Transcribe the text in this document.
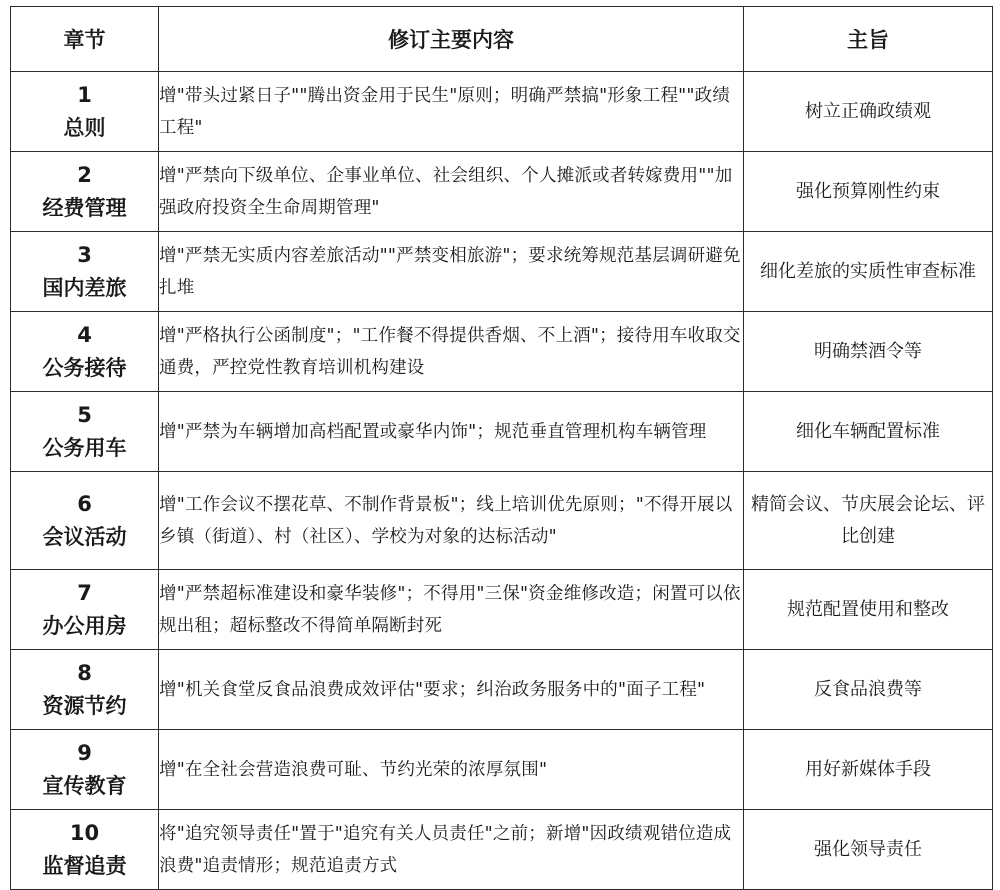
章节	修订主要内容	主旨

1
总则	增"带头过紧日子""腾出资金用于民生"原则；明确严禁搞"形象工程""政绩工程"	树立正确政绩观

2
经费管理	增"严禁向下级单位、企事业单位、社会组织、个人摊派或者转嫁费用""加强政府投资全生命周期管理"	强化预算刚性约束

3
国内差旅	增"严禁无实质内容差旅活动""严禁变相旅游"；要求统筹规范基层调研避免扎堆	细化差旅的实质性审查标准

4
公务接待	增"严格执行公函制度"；"工作餐不得提供香烟、不上酒"；接待用车收取交通费，严控党性教育培训机构建设	明确禁酒令等

5
公务用车	增"严禁为车辆增加高档配置或豪华内饰"；规范垂直管理机构车辆管理	细化车辆配置标准

6
会议活动	增"工作会议不摆花草、不制作背景板"；线上培训优先原则；"不得开展以乡镇（街道）、村（社区）、学校为对象的达标活动"	精简会议、节庆展会论坛、评比创建

7
办公用房	增"严禁超标准建设和豪华装修"；不得用"三保"资金维修改造；闲置可以依规出租；超标整改不得简单隔断封死	规范配置使用和整改

8
资源节约	增"机关食堂反食品浪费成效评估"要求；纠治政务服务中的"面子工程"	反食品浪费等

9
宣传教育	增"在全社会营造浪费可耻、节约光荣的浓厚氛围"	用好新媒体手段

10
监督追责	将"追究领导责任"置于"追究有关人员责任"之前；新增"因政绩观错位造成浪费"追责情形；规范追责方式	强化领导责任
